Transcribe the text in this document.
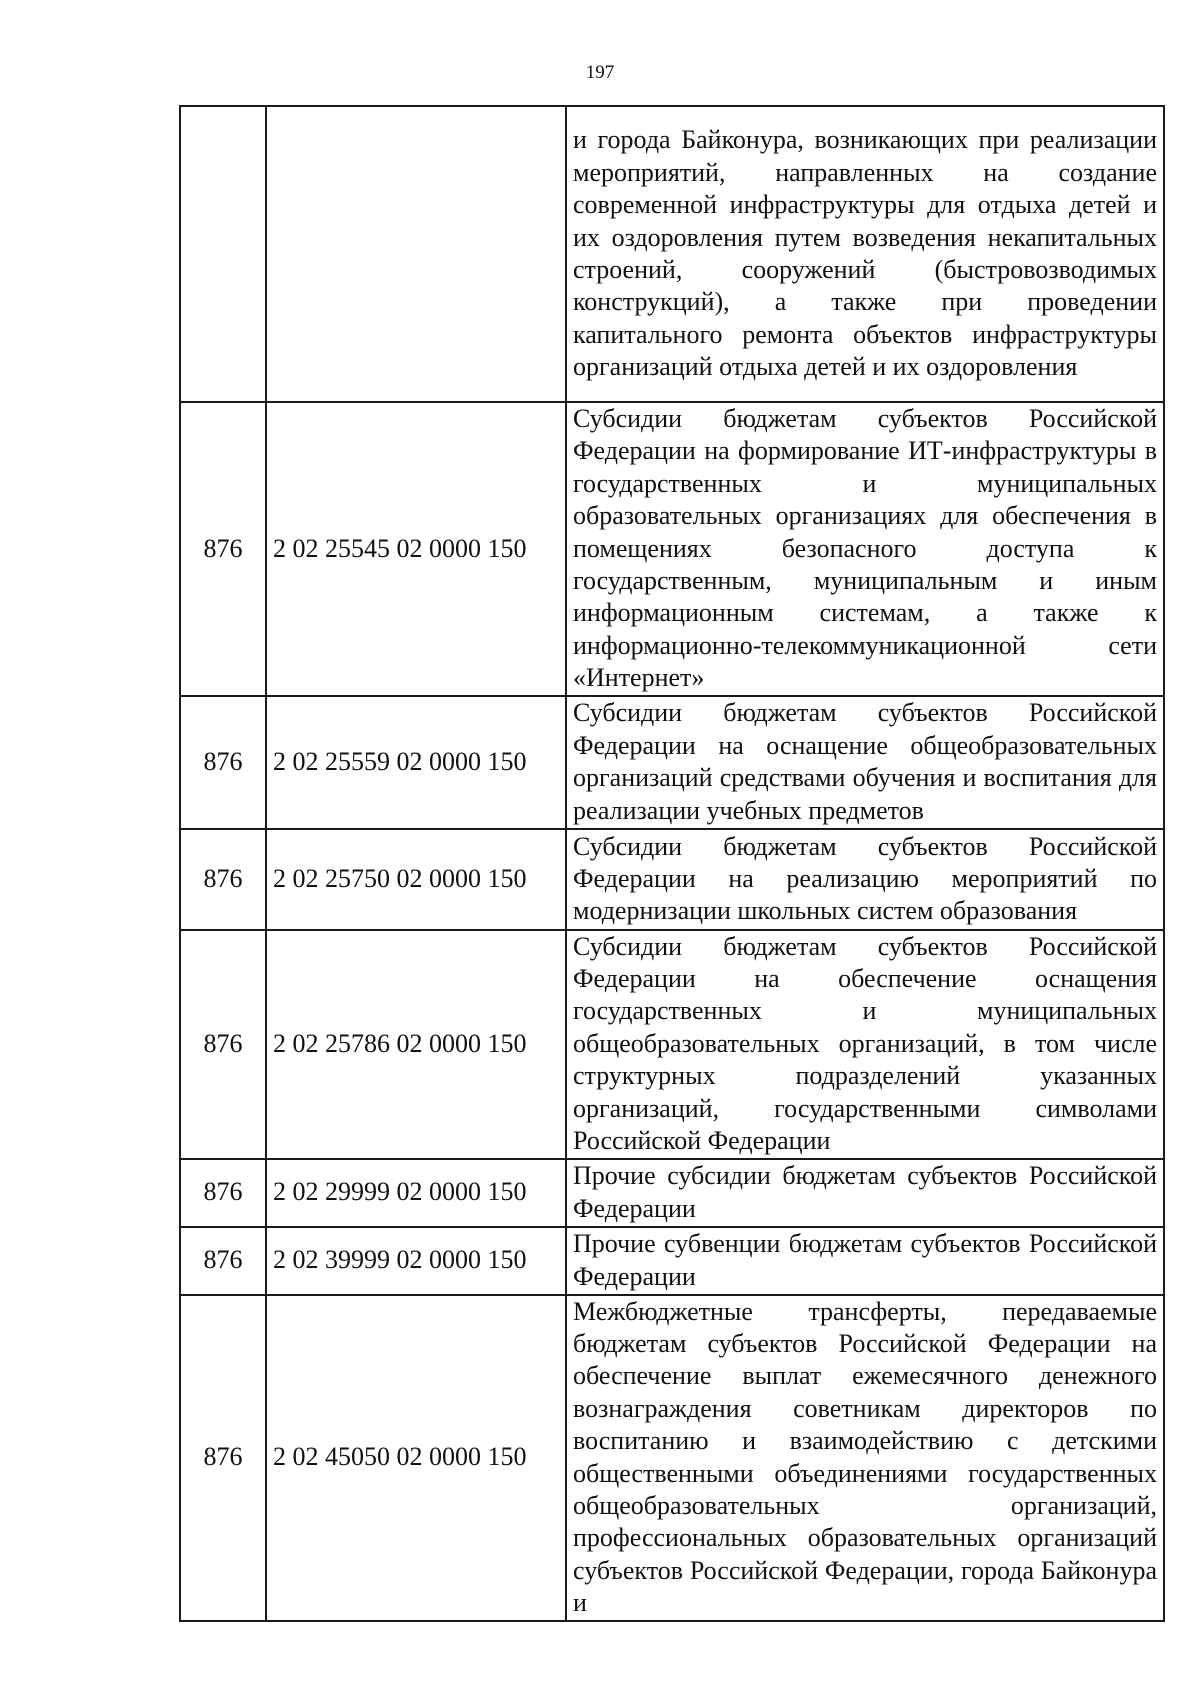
197
		и города Байконура, возникающих при реализации мероприятий, направленных на создание современной инфраструктуры для отдыха детей и их оздоровления путем возведения некапитальных строений, сооружений (быстровозводимых конструкций), а также при проведении капитального ремонта объектов инфраструктуры организаций отдыха детей и их оздоровления
876	2 02 25545 02 0000 150	Субсидии бюджетам субъектов Российской Федерации на формирование ИТ-инфраструктуры в государственных и муниципальных образовательных организациях для обеспечения в помещениях безопасного доступа к государственным, муниципальным и иным информационным системам, а также к информационно-телекоммуникационной сети «Интернет»
876	2 02 25559 02 0000 150	Субсидии бюджетам субъектов Российской Федерации на оснащение общеобразовательных организаций средствами обучения и воспитания для реализации учебных предметов
876	2 02 25750 02 0000 150	Субсидии бюджетам субъектов Российской Федерации на реализацию мероприятий по модернизации школьных систем образования
876	2 02 25786 02 0000 150	Субсидии бюджетам субъектов Российской Федерации на обеспечение оснащения государственных и муниципальных общеобразовательных организаций, в том числе структурных подразделений указанных организаций, государственными символами Российской Федерации
876	2 02 29999 02 0000 150	Прочие субсидии бюджетам субъектов Российской Федерации
876	2 02 39999 02 0000 150	Прочие субвенции бюджетам субъектов Российской Федерации
876	2 02 45050 02 0000 150	Межбюджетные трансферты, передаваемые бюджетам субъектов Российской Федерации на обеспечение выплат ежемесячного денежного вознаграждения советникам директоров по воспитанию и взаимодействию с детскими общественными объединениями государственных общеобразовательных организаций, профессиональных образовательных организаций субъектов Российской Федерации, города Байконура и
